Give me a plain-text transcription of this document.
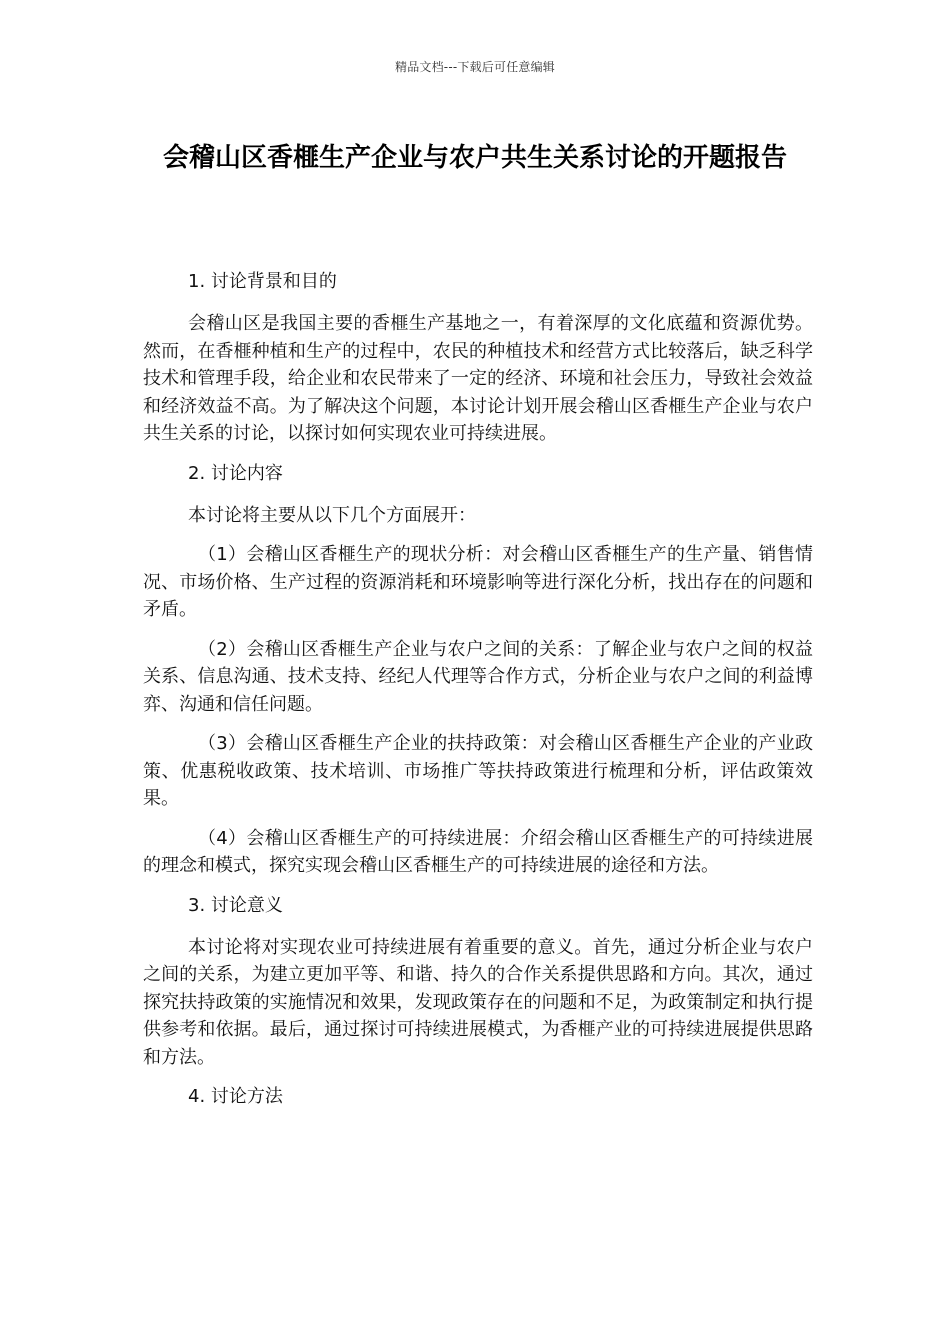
精品文档---下载后可任意编辑
会稽山区香榧生产企业与农户共生关系讨论的开题报告

1. 讨论背景和目的

会稽山区是我国主要的香榧生产基地之一，有着深厚的文化底蕴和资源优势。然而，在香榧种植和生产的过程中，农民的种植技术和经营方式比较落后，缺乏科学技术和管理手段，给企业和农民带来了一定的经济、环境和社会压力，导致社会效益和经济效益不高。为了解决这个问题，本讨论计划开展会稽山区香榧生产企业与农户共生关系的讨论，以探讨如何实现农业可持续进展。

2. 讨论内容

本讨论将主要从以下几个方面展开：

（1）会稽山区香榧生产的现状分析：对会稽山区香榧生产的生产量、销售情况、市场价格、生产过程的资源消耗和环境影响等进行深化分析，找出存在的问题和矛盾。

（2）会稽山区香榧生产企业与农户之间的关系：了解企业与农户之间的权益关系、信息沟通、技术支持、经纪人代理等合作方式，分析企业与农户之间的利益博弈、沟通和信任问题。

（3）会稽山区香榧生产企业的扶持政策：对会稽山区香榧生产企业的产业政策、优惠税收政策、技术培训、市场推广等扶持政策进行梳理和分析，评估政策效果。

（4）会稽山区香榧生产的可持续进展：介绍会稽山区香榧生产的可持续进展的理念和模式，探究实现会稽山区香榧生产的可持续进展的途径和方法。

3. 讨论意义

本讨论将对实现农业可持续进展有着重要的意义。首先，通过分析企业与农户之间的关系，为建立更加平等、和谐、持久的合作关系提供思路和方向。其次，通过探究扶持政策的实施情况和效果，发现政策存在的问题和不足，为政策制定和执行提供参考和依据。最后，通过探讨可持续进展模式，为香榧产业的可持续进展提供思路和方法。

4. 讨论方法
